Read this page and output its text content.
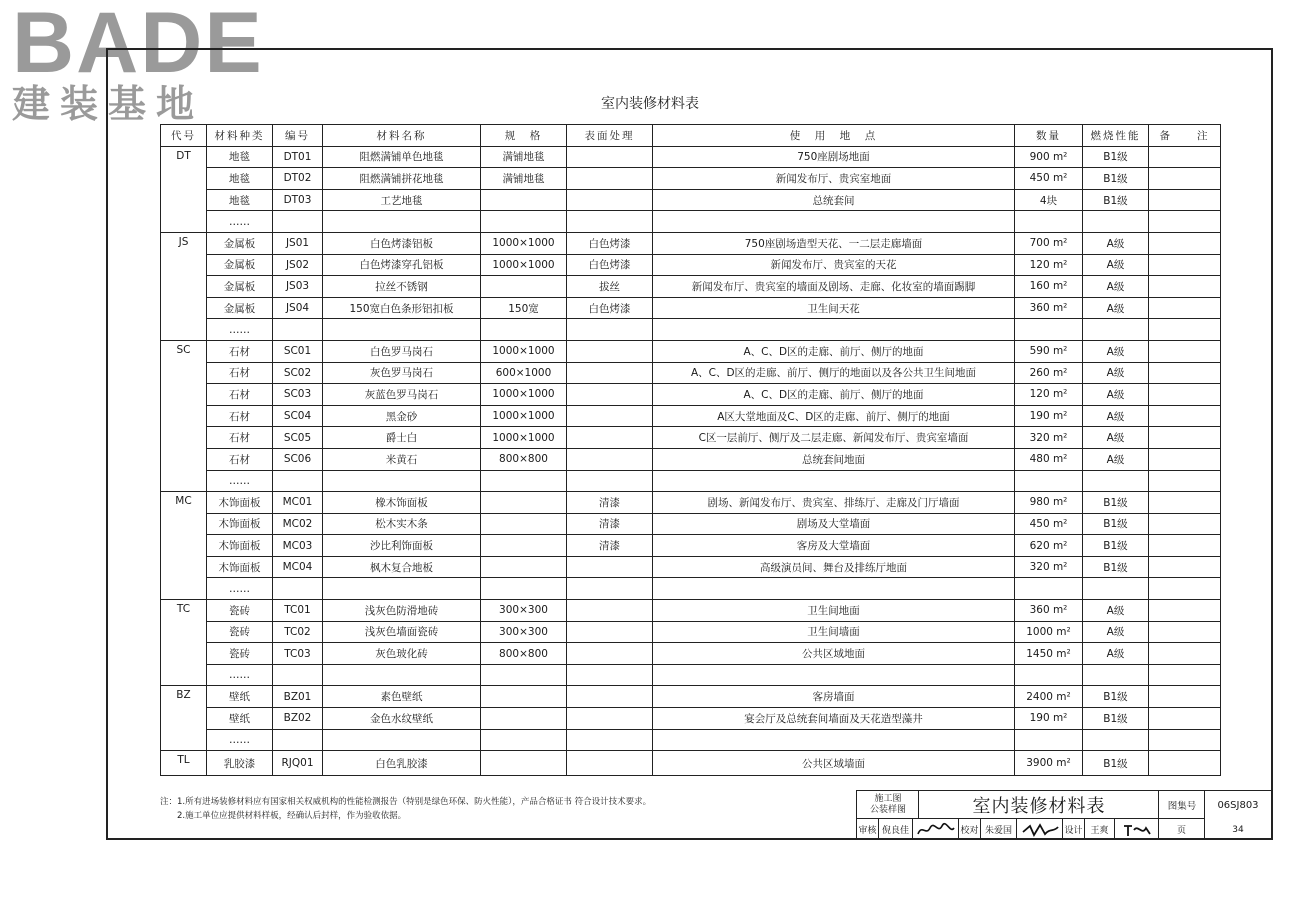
BADE
建装基地	室内装修材料表
代号	材料种类	编号	材料名称	规　格	表面处理	使　用　地　点	数量	燃烧性能	备　　注
DT	地毯	DT01	阻燃满铺单色地毯	满铺地毯		750座剧场地面	900 m²	B1级	
	地毯	DT02	阻燃满铺拼花地毯	满铺地毯		新闻发布厅、贵宾室地面	450 m²	B1级	
	地毯	DT03	工艺地毯			总统套间	4块	B1级	
	……								
JS	金属板	JS01	白色烤漆铝板	1000×1000	白色烤漆	750座剧场造型天花、一二层走廊墙面	700 m²	A级	
	金属板	JS02	白色烤漆穿孔铝板	1000×1000	白色烤漆	新闻发布厅、贵宾室的天花	120 m²	A级	
	金属板	JS03	拉丝不锈钢		拔丝	新闻发布厅、贵宾室的墙面及剧场、走廊、化妆室的墙面踢脚	160 m²	A级	
	金属板	JS04	150宽白色条形铝扣板	150宽	白色烤漆	卫生间天花	360 m²	A级	
	……								
SC	石材	SC01	白色罗马岗石	1000×1000		A、C、D区的走廊、前厅、侧厅的地面	590 m²	A级	
	石材	SC02	灰色罗马岗石	600×1000		A、C、D区的走廊、前厅、侧厅的地面以及各公共卫生间地面	260 m²	A级	
	石材	SC03	灰蓝色罗马岗石	1000×1000		A、C、D区的走廊、前厅、侧厅的地面	120 m²	A级	
	石材	SC04	黑金砂	1000×1000		A区大堂地面及C、D区的走廊、前厅、侧厅的地面	190 m²	A级	
	石材	SC05	爵士白	1000×1000		C区一层前厅、侧厅及二层走廊、新闻发布厅、贵宾室墙面	320 m²	A级	
	石材	SC06	米黄石	800×800		总统套间地面	480 m²	A级	
	……								
MC	木饰面板	MC01	橡木饰面板		清漆	剧场、新闻发布厅、贵宾室、排练厅、走廊及门厅墙面	980 m²	B1级	
	木饰面板	MC02	松木实木条		清漆	剧场及大堂墙面	450 m²	B1级	
	木饰面板	MC03	沙比利饰面板		清漆	客房及大堂墙面	620 m²	B1级	
	木饰面板	MC04	枫木复合地板			高级演员间、舞台及排练厅地面	320 m²	B1级	
	……								
TC	瓷砖	TC01	浅灰色防滑地砖	300×300		卫生间地面	360 m²	A级	
	瓷砖	TC02	浅灰色墙面瓷砖	300×300		卫生间墙面	1000 m²	A级	
	瓷砖	TC03	灰色玻化砖	800×800		公共区域地面	1450 m²	A级	
	……								
BZ	壁纸	BZ01	素色壁纸			客房墙面	2400 m²	B1级	
	壁纸	BZ02	金色水纹壁纸			宴会厅及总统套间墙面及天花造型藻井	190 m²	B1级	
	……								
TL	乳胶漆	RJQ01	白色乳胶漆			公共区域墙面	3900 m²	B1级	
注：1.所有进场装修材料应有国家相关权威机构的性能检测报告（特别是绿色环保、防火性能），产品合格证书 符合设计技术要求。
　　2.施工单位应提供材料样板，经确认后封样，作为验收依据。
施工图
公装样图	室内装修材料表	图集号	06SJ803
审核 倪良佳	校对 朱爱国	设计 王爽	页	34
